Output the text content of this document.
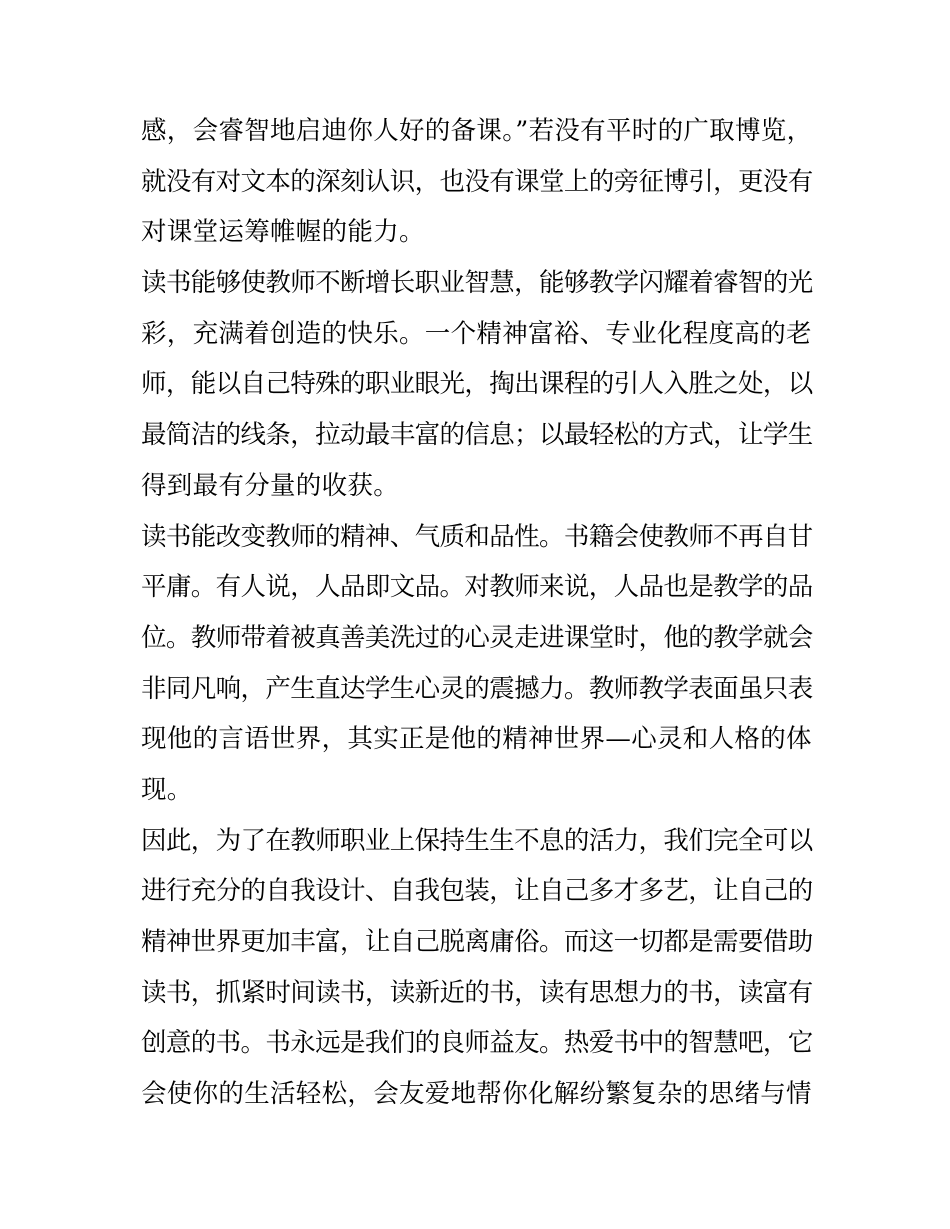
感，会睿智地启迪你人好的备课。”若没有平时的广取博览，
就没有对文本的深刻认识，也没有课堂上的旁征博引，更没有
对课堂运筹帷幄的能力。
读书能够使教师不断增长职业智慧，能够教学闪耀着睿智的光
彩，充满着创造的快乐。一个精神富裕、专业化程度高的老
师，能以自己特殊的职业眼光，掏出课程的引人入胜之处，以
最简洁的线条，拉动最丰富的信息；以最轻松的方式，让学生
得到最有分量的收获。
读书能改变教师的精神、气质和品性。书籍会使教师不再自甘
平庸。有人说，人品即文品。对教师来说，人品也是教学的品
位。教师带着被真善美洗过的心灵走进课堂时，他的教学就会
非同凡响，产生直达学生心灵的震撼力。教师教学表面虽只表
现他的言语世界，其实正是他的精神世界—心灵和人格的体
现。
因此，为了在教师职业上保持生生不息的活力，我们完全可以
进行充分的自我设计、自我包装，让自己多才多艺，让自己的
精神世界更加丰富，让自己脱离庸俗。而这一切都是需要借助
读书，抓紧时间读书，读新近的书，读有思想力的书，读富有
创意的书。书永远是我们的良师益友。热爱书中的智慧吧，它
会使你的生活轻松，会友爱地帮你化解纷繁复杂的思绪与情
